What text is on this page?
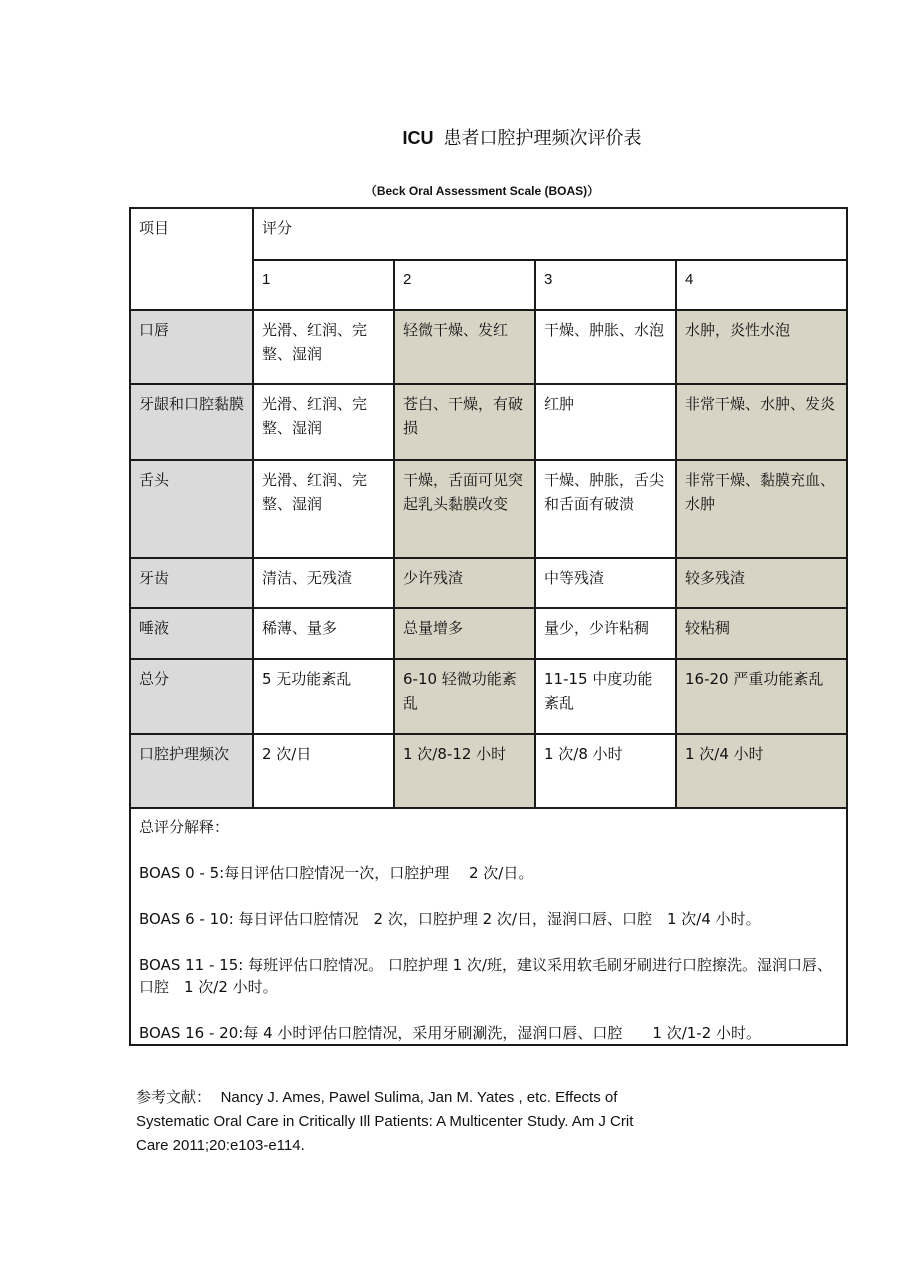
ICU 患者口腔护理频次评价表
（Beck Oral Assessment Scale (BOAS)）
项目	评分			
	1	2	3	4
口唇	光滑、红润、完整、湿润	轻微干燥、发红	干燥、肿胀、水泡	水肿，炎性水泡
牙龈和口腔黏膜	光滑、红润、完整、湿润	苍白、干燥，有破损	红肿	非常干燥、水肿、发炎
舌头	光滑、红润、完整、湿润	干燥，舌面可见突起乳头黏膜改变	干燥、肿胀，舌尖和舌面有破溃	非常干燥、黏膜充血、水肿
牙齿	清洁、无残渣	少许残渣	中等残渣	较多残渣
唾液	稀薄、量多	总量增多	量少，少许粘稠	较粘稠
总分	5 无功能紊乱	6-10 轻微功能紊乱	11-15 中度功能紊乱	16-20 严重功能紊乱
口腔护理频次	2 次/日	1 次/8-12 小时	1 次/8 小时	1 次/4 小时

总评分解释：

BOAS 0 - 5:每日评估口腔情况一次，口腔护理　 2 次/日。

BOAS 6 - 10: 每日评估口腔情况　2 次，口腔护理 2 次/日，湿润口唇、口腔　1 次/4 小时。

BOAS 11 - 15: 每班评估口腔情况。 口腔护理 1 次/班，建议采用软毛刷牙刷进行口腔擦洗。湿润口唇、口腔　1 次/2 小时。

BOAS 16 - 20:每 4 小时评估口腔情况，采用牙刷涮洗，湿润口唇、口腔　　1 次/1-2 小时。				

参考文献： Nancy J. Ames, Pawel Sulima, Jan M. Yates , etc. Effects of
Systematic Oral Care in Critically Ill Patients: A Multicenter Study. Am J Crit
Care 2011;20:e103-e114.
